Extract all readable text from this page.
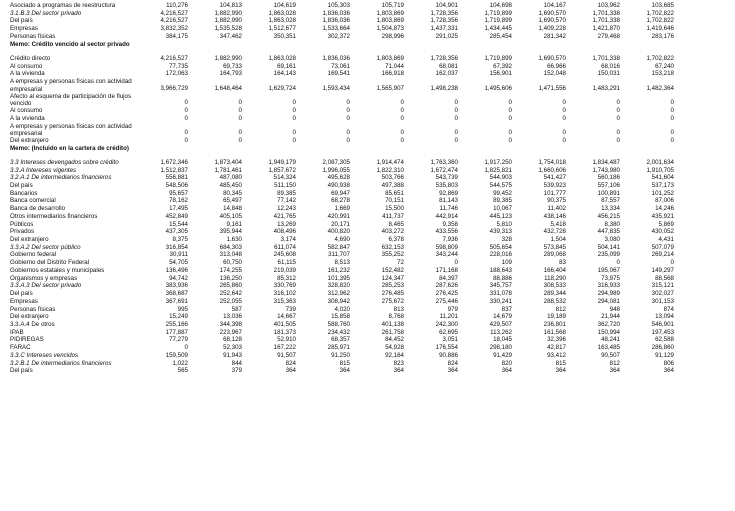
Asociado a programas de reestructura	110,276	104,813	104,619	105,303	105,719	104,901	104,698	104,167	103,962	103,685
3.1.B.3 Del sector privado	4,216,527	1,882,990	1,863,028	1,836,036	1,803,869	1,728,356	1,719,899	1,690,570	1,701,338	1,702,822
Del país	4,216,527	1,882,990	1,863,028	1,836,036	1,803,869	1,728,356	1,719,899	1,690,570	1,701,338	1,702,822
Empresas	3,832,352	1,535,528	1,512,677	1,533,664	1,504,873	1,437,331	1,434,445	1,409,228	1,421,870	1,419,646
Personas físicas	384,175	347,462	350,351	302,372	298,996	291,025	285,454	281,342	279,468	283,176
Memo: Crédito vencido al sector privado
Crédito directo	4,216,527	1,882,990	1,863,028	1,836,036	1,803,869	1,728,356	1,719,899	1,690,570	1,701,338	1,702,822
Al consumo	77,735	69,733	69,161	73,061	71,044	68,081	67,392	66,966	68,016	67,240
A la vivienda	172,063	164,793	164,143	169,541	166,918	162,037	156,901	152,048	150,031	153,218
A empresas y personas físicas con actividad empresarial	3,966,729	1,648,464	1,629,724	1,593,434	1,565,907	1,498,238	1,495,606	1,471,556	1,483,291	1,482,364
Afecto al esquema de participación de flujos vencido	0	0	0	0	0	0	0	0	0	0
Al consumo	0	0	0	0	0	0	0	0	0	0
A la vivienda	0	0	0	0	0	0	0	0	0	0
A empresas y personas físicas con actividad empresarial	0	0	0	0	0	0	0	0	0	0
Del extranjero	0	0	0	0	0	0	0	0	0	0
Memo: (Incluido en la cartera de crédito)
3.3 Intereses devengados sobre crédito	1,672,346	1,873,404	1,949,179	2,087,305	1,914,474	1,763,360	1,917,250	1,754,018	1,834,487	2,001,634
3.3.A Intereses vigentes	1,512,837	1,781,461	1,857,672	1,996,055	1,822,310	1,672,474	1,825,821	1,660,606	1,743,980	1,910,705
3.2.A.1 De intermediarios financieros	556,881	487,080	514,324	495,628	503,766	543,739	544,903	541,427	560,186	541,604
Del país	548,506	485,450	511,150	490,938	497,388	535,803	544,575	539,923	557,106	537,173
Bancarios	95,657	80,345	89,385	69,947	85,651	92,869	99,452	101,777	100,891	101,252
Banca comercial	78,162	65,497	77,142	68,278	70,151	81,143	89,385	90,375	87,557	87,006
Banca de desarrollo	17,495	14,848	12,243	1,669	15,500	11,746	10,067	11,402	13,334	14,246
Otros intermediarios financieros	452,849	405,105	421,765	420,991	411,737	442,914	445,123	438,146	456,215	435,921
Públicos	15,544	9,161	13,269	20,171	8,465	9,358	5,810	5,418	8,380	5,869
Privados	437,305	395,944	408,496	400,820	403,272	433,556	439,313	432,728	447,835	430,052
Del extranjero	8,375	1,630	3,174	4,690	6,378	7,936	328	1,504	3,080	4,431
3.3.A.2 Del sector público	316,854	684,303	611,074	582,847	632,153	598,809	505,654	573,845	504,141	507,079
Gobierno federal	30,911	313,048	245,608	311,707	355,252	343,244	228,016	289,068	235,099	269,214
Gobierno del Distrito Federal	54,705	60,750	61,115	8,513	72	0	109	83	0	0
Gobiernos estatales y municipales	136,496	174,255	219,039	161,232	152,482	171,168	188,643	166,404	195,067	149,297
Organismos y empresas	94,742	136,250	85,312	101,395	124,347	84,397	88,886	118,290	73,975	88,568
3.3.A.3 Del sector privado	383,936	265,860	330,769	328,820	285,253	287,626	345,757	308,533	316,933	315,121
Del país	368,687	252,642	316,102	312,962	276,485	276,425	331,078	289,344	294,989	302,027
Empresas	367,691	252,055	315,363	308,942	275,672	275,446	330,241	288,532	294,081	301,153
Personas físicas	995	587	739	4,020	813	979	837	812	948	874
Del extranjero	15,249	13,036	14,667	15,858	8,768	11,201	14,679	19,189	21,944	13,094
3.3.A.4 De otros	255,166	344,398	401,505	588,760	401,138	242,300	429,507	236,801	362,720	546,901
IPAB	177,887	223,967	181,373	234,432	261,758	62,695	113,262	161,568	150,994	197,453
PIDIREGAS	77,279	68,128	52,910	68,357	84,452	3,051	18,045	32,396	48,241	62,588
FARAC	0	52,303	167,222	285,971	54,928	176,554	298,180	42,817	163,485	286,860
3.3.C Intereses vencidos	159,509	91,943	91,507	91,250	92,164	90,886	91,429	93,412	90,507	91,129
3.2.B.1 De intermediarios financieros	1,022	844	824	815	823	824	820	815	812	806
Del país	565	379	364	364	364	364	364	364	364	364
